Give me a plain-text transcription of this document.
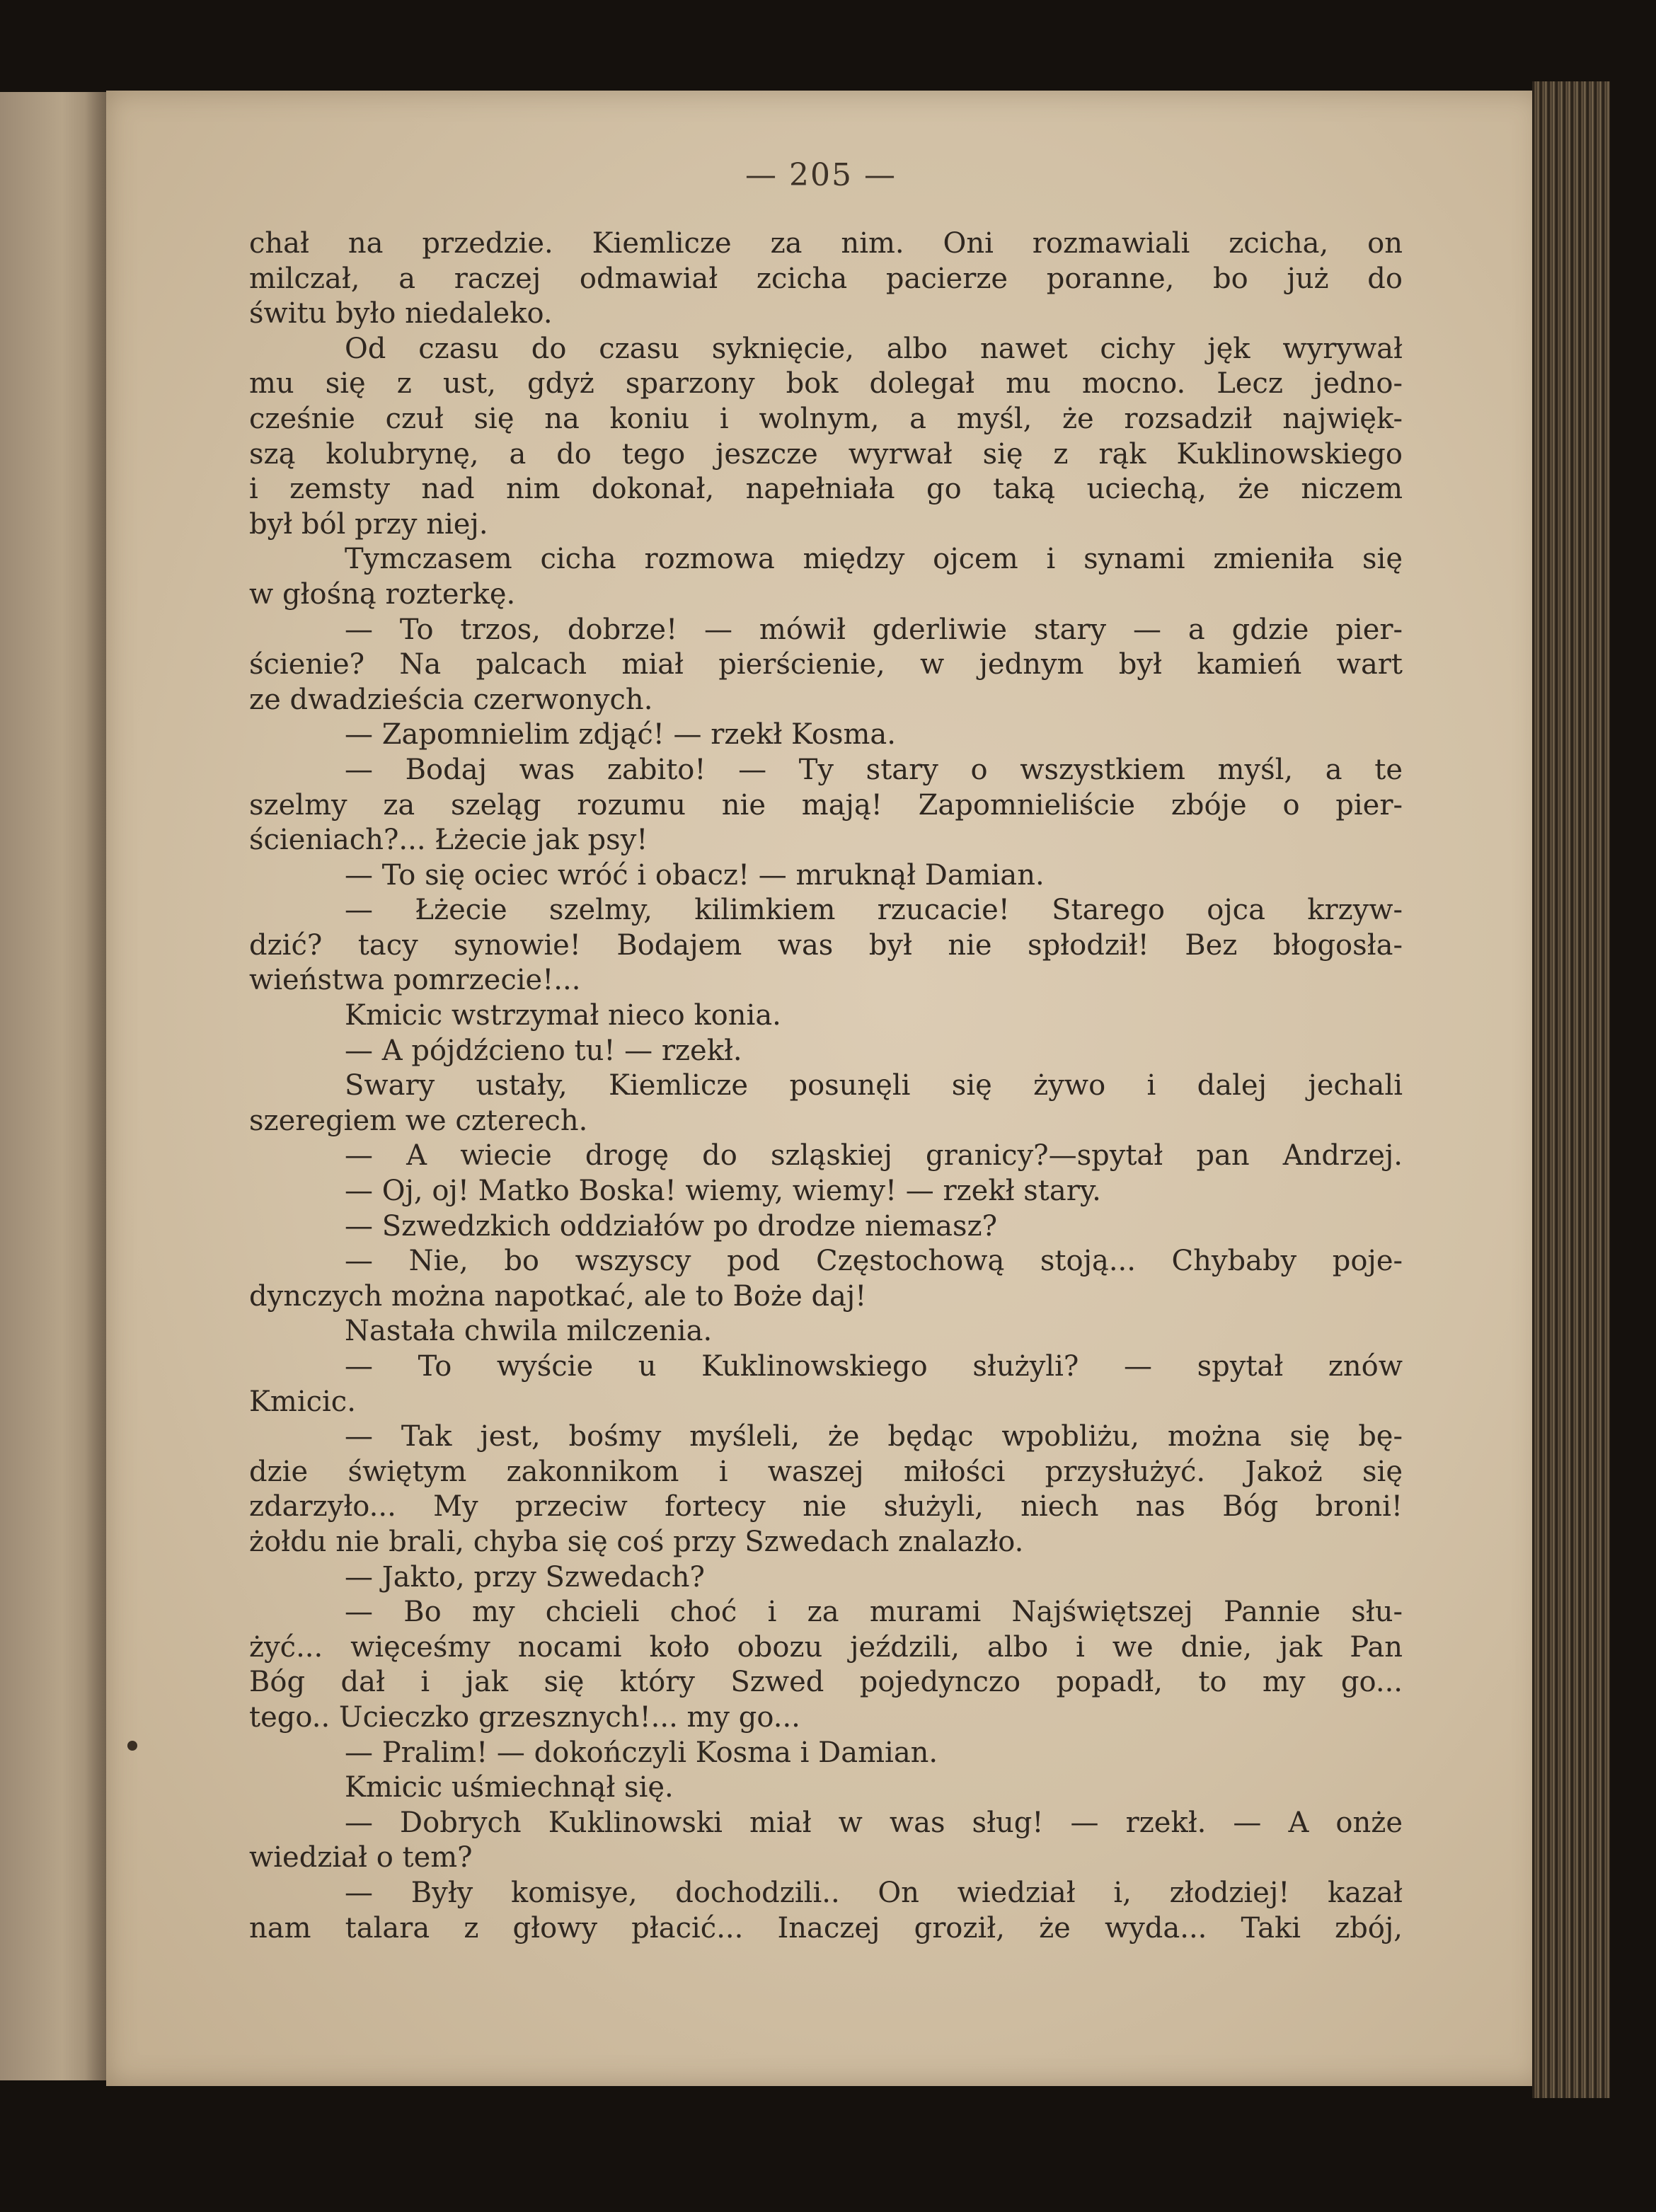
— 205 —
chał na przedzie. Kiemlicze za nim. Oni rozmawiali zcicha, on
milczał, a raczej odmawiał zcicha pacierze poranne, bo już do
świtu było niedaleko.
Od czasu do czasu syknięcie, albo nawet cichy jęk wyrywał
mu się z ust, gdyż sparzony bok dolegał mu mocno. Lecz jedno-
cześnie czuł się na koniu i wolnym, a myśl, że rozsadził najwięk-
szą kolubrynę, a do tego jeszcze wyrwał się z rąk Kuklinowskiego
i zemsty nad nim dokonał, napełniała go taką uciechą, że niczem
był ból przy niej.
Tymczasem cicha rozmowa między ojcem i synami zmieniła się
w głośną rozterkę.
— To trzos, dobrze! — mówił gderliwie stary — a gdzie pier-
ścienie? Na palcach miał pierścienie, w jednym był kamień wart
ze dwadzieścia czerwonych.
— Zapomnielim zdjąć! — rzekł Kosma.
— Bodaj was zabito! — Ty stary o wszystkiem myśl, a te
szelmy za szeląg rozumu nie mają! Zapomnieliście zbóje o pier-
ścieniach?... Łżecie jak psy!
— To się ociec wróć i obacz! — mruknął Damian.
— Łżecie szelmy, kilimkiem rzucacie! Starego ojca krzyw-
dzić? tacy synowie! Bodajem was był nie spłodził! Bez błogosła-
wieństwa pomrzecie!...
Kmicic wstrzymał nieco konia.
— A pójdźcieno tu! — rzekł.
Swary ustały, Kiemlicze posunęli się żywo i dalej jechali
szeregiem we czterech.
— A wiecie drogę do szląskiej granicy?—spytał pan Andrzej.
— Oj, oj! Matko Boska! wiemy, wiemy! — rzekł stary.
— Szwedzkich oddziałów po drodze niemasz?
— Nie, bo wszyscy pod Częstochową stoją... Chybaby poje-
dynczych można napotkać, ale to Boże daj!
Nastała chwila milczenia.
— To wyście u Kuklinowskiego służyli? — spytał znów
Kmicic.
— Tak jest, bośmy myśleli, że będąc wpobliżu, można się bę-
dzie świętym zakonnikom i waszej miłości przysłużyć. Jakoż się
zdarzyło... My przeciw fortecy nie służyli, niech nas Bóg broni!
żołdu nie brali, chyba się coś przy Szwedach znalazło.
— Jakto, przy Szwedach?
— Bo my chcieli choć i za murami Najświętszej Pannie słu-
żyć... więceśmy nocami koło obozu jeździli, albo i we dnie, jak Pan
Bóg dał i jak się który Szwed pojedynczo popadł, to my go...
tego.. Ucieczko grzesznych!... my go...
— Pralim! — dokończyli Kosma i Damian.
Kmicic uśmiechnął się.
— Dobrych Kuklinowski miał w was sług! — rzekł. — A onże
wiedział o tem?
— Były komisye, dochodzili.. On wiedział i, złodziej! kazał
nam talara z głowy płacić... Inaczej groził, że wyda... Taki zbój,
